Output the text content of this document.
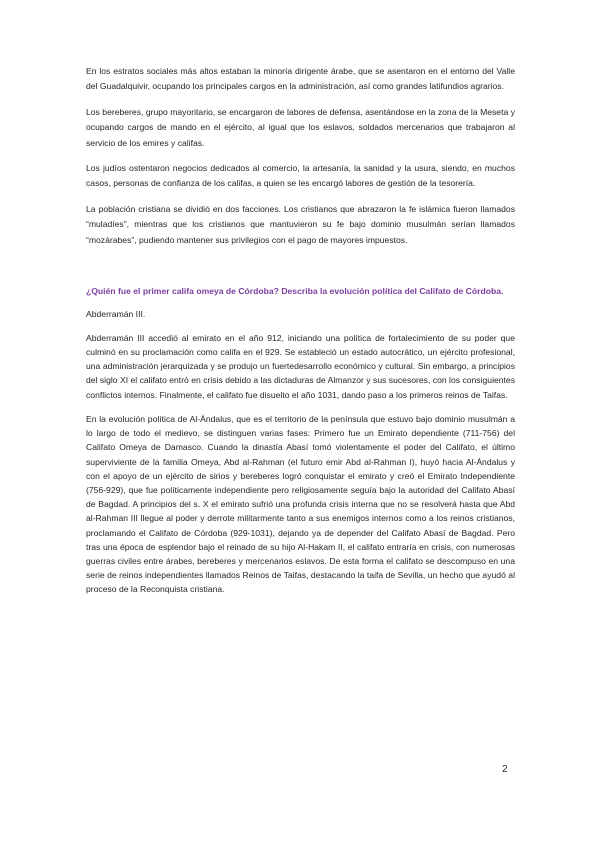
En los estratos sociales más altos estaban la minoría dirigente árabe, que se asentaron en el entorno del Valle del Guadalquivir, ocupando los principales cargos en la administración, así como grandes latifundios agrarios.

Los bereberes, grupo mayoritario, se encargaron de labores de defensa, asentándose en la zona de la Meseta y ocupando cargos de mando en el ejército, al igual que los eslavos, soldados mercenarios que trabajaron al servicio de los emires y califas.

Los judíos ostentaron negocios dedicados al comercio, la artesanía, la sanidad y la usura, siendo, en muchos casos, personas de confianza de los califas, a quien se les encargó labores de gestión de la tesorería.

La población cristiana se dividió en dos facciones. Los cristianos que abrazaron la fe islámica fueron llamados “muladíes”, mientras que los cristianos que mantuvieron su fe bajo dominio musulmán serían llamados “mozárabes”, pudiendo mantener sus privilegios con el pago de mayores impuestos.

¿Quién fue el primer califa omeya de Córdoba? Describa la evolución política del Califato de Córdoba.

Abderramán III.

Abderramán III accedió al emirato en el año 912, iniciando una política de fortalecimiento de su poder que culminó en su proclamación como califa en el 929. Se estableció un estado autocrático, un ejército profesional, una administración jerarquizada y se produjo un fuertedesarrollo económico y cultural. Sin embargo, a principios del siglo XI el califato entró en crisis debido a las dictaduras de Almanzor y sus sucesores, con los consiguientes conflictos internos. Finalmente, el califato fue disuelto el año 1031, dando paso a los primeros reinos de Taifas.

En la evolución política de Al-Ándalus, que es el territorio de la península que estuvo bajo dominio musulmán a lo largo de todo el medievo, se distinguen varias fases: Primero fue un Emirato dependiente (711-756) del Califato Omeya de Damasco. Cuando la dinastía Abasí tomó violentamente el poder del Califato, el último superviviente de la familia Omeya, Abd al-Rahman (el futuro emir Abd al-Rahman I), huyó hacia Al-Ándalus y con el apoyo de un ejército de sirios y bereberes logró conquistar el emirato y creó el Emirato Independiente (756-929), que fue políticamente independiente pero religiosamente seguía bajo la autoridad del Califato Abasí de Bagdad. A principios del s. X el emirato sufrió una profunda crisis interna que no se resolverá hasta que Abd al-Rahman III llegue al poder y derrote militarmente tanto a sus enemigos internos como a los reinos cristianos, proclamando el Califato de Córdoba (929-1031), dejando ya de depender del Califato Abasí de Bagdad. Pero tras una época de esplendor bajo el reinado de su hijo Al-Hakam II, el califato entraría en crisis, con numerosas guerras civiles entre árabes, bereberes y mercenarios eslavos. De esta forma el califato se descompuso en una serie de reinos independientes llamados Reinos de Taifas, destacando la taifa de Sevilla, un hecho que ayudó al proceso de la Reconquista cristiana.

2
